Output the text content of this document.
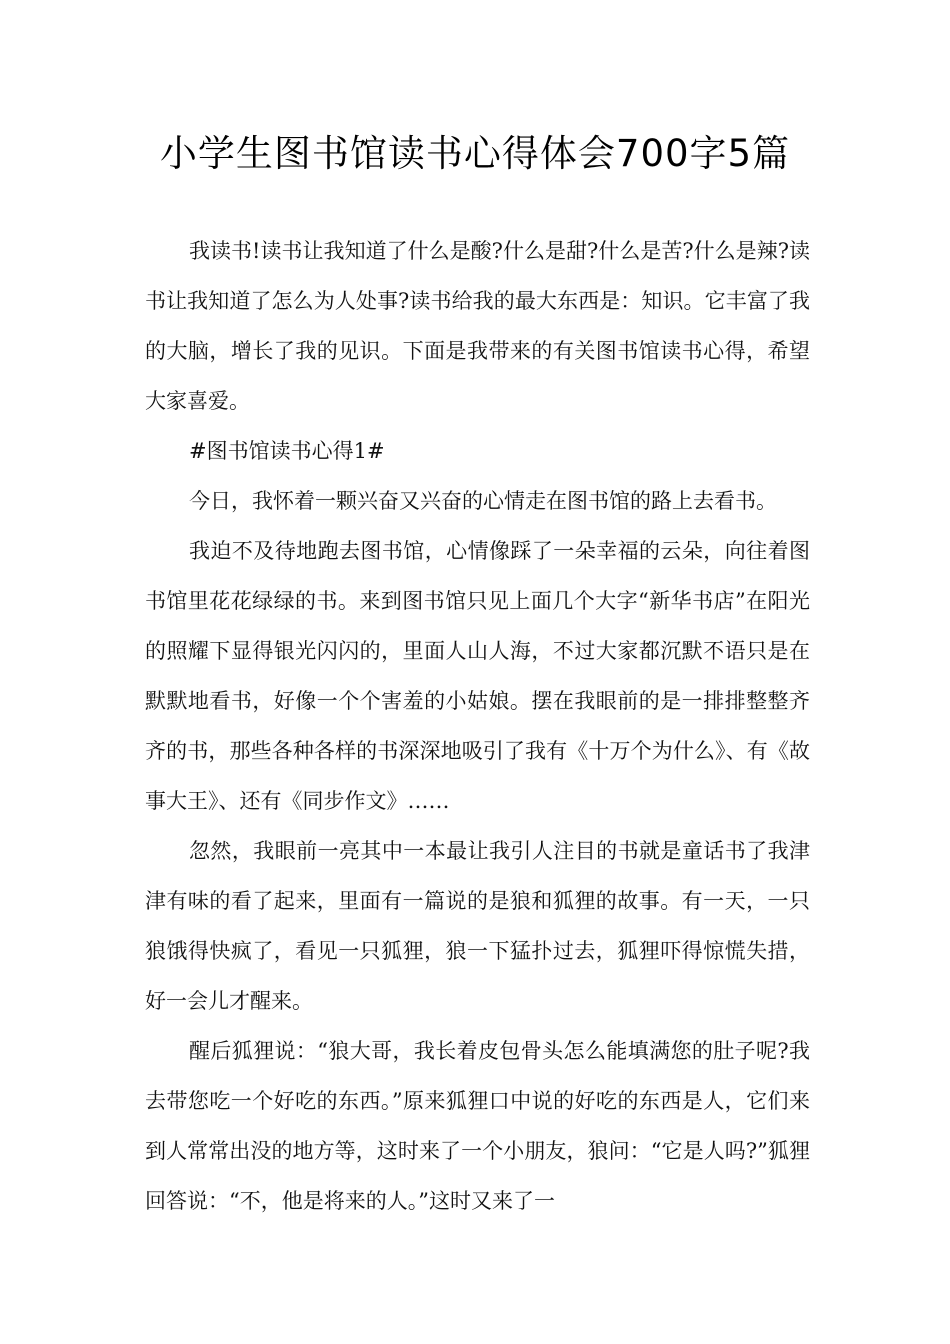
小学生图书馆读书心得体会700字5篇

我读书!读书让我知道了什么是酸?什么是甜?什么是苦?什么是辣?读书让我知道了怎么为人处事?读书给我的最大东西是：知识。它丰富了我的大脑，增长了我的见识。下面是我带来的有关图书馆读书心得，希望大家喜爱。

#图书馆读书心得1#

今日，我怀着一颗兴奋又兴奋的心情走在图书馆的路上去看书。

我迫不及待地跑去图书馆，心情像踩了一朵幸福的云朵，向往着图书馆里花花绿绿的书。来到图书馆只见上面几个大字“新华书店”在阳光的照耀下显得银光闪闪的，里面人山人海，不过大家都沉默不语只是在默默地看书，好像一个个害羞的小姑娘。摆在我眼前的是一排排整整齐齐的书，那些各种各样的书深深地吸引了我有《十万个为什么》、有《故事大王》、还有《同步作文》……

忽然，我眼前一亮其中一本最让我引人注目的书就是童话书了我津津有味的看了起来，里面有一篇说的是狼和狐狸的故事。有一天，一只狼饿得快疯了，看见一只狐狸，狼一下猛扑过去，狐狸吓得惊慌失措，好一会儿才醒来。

醒后狐狸说：“狼大哥，我长着皮包骨头怎么能填满您的肚子呢?我去带您吃一个好吃的东西。”原来狐狸口中说的好吃的东西是人，它们来到人常常出没的地方等，这时来了一个小朋友，狼问：“它是人吗?”狐狸回答说：“不，他是将来的人。”这时又来了一
